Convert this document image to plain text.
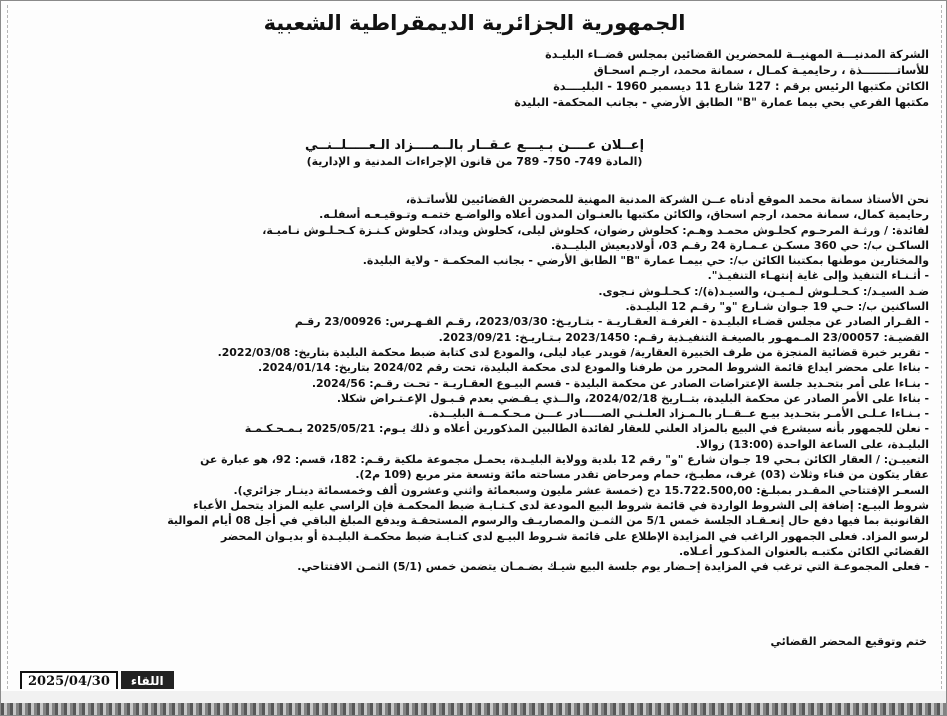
الجمهورية الجزائرية الديمقراطية الشعبية
الشركة المدنيـــة المهنيــة للمحضرين القضائين بمجلس قضــاء البليـدة
للأساتـــــــــذة ، رحايميـة كمـال ، سمانة محمد، ارجـم اسحـاق
الكائن مكتبها الرئيس برقم : 127 شارع 11 ديسمبر 1960 - البليــــدة
مكتبها الفرعي بحي بيما عمارة "B" الطابق الأرضي - بجانب المحكمة- البليدة
إعــلان عــــن بـيـــع عـقــار بالــمــــزاد الـعـــــلــنــي
(المادة 749- 750- 789 من قانون الإجراءات المدنية و الإدارية)

نحن الأستاذ سمانة محمد الموقع أدناه عــن الشركة المدنية المهنية للمحضرين القضائيين للأساتـذة،

رحايمية كمال، سمانة محمد، ارجم اسحاق، والكائن مكتبها بالعنـوان المدون أعلاه والواضـع ختمـه وتـوقيـعـه أسفلـه.

لفائدة: / ورثـة المرحـوم كحلـوش محمـد وهـم: كحلوش رضوان، كحلوش ليلى، كحلوش ويداد، كحلوش كـنـزة كـحـلـوش نـاميـة،

الساكـن ب/: حي 360 مسكـن عـمـارة 24 رقـم 03، أولاديعيش البليــدة.

والمختارين موطنها بمكتبنا الكائن ب/: حي بيمـا عمارة "B" الطابق الأرضي - بجانب المحكمـة - ولاية البليدة.

- أثـنـاء التنفيذ وإلى غاية إنتهـاء التنفيـذ".

ضـد السيـد/: كـحـلـوش لـمـيـن، والسيـد(ة)/: كـحـلـوش نـجوى.

الساكنين ب/: حـي 19 جـوان شـارع "و" رقـم 12 البليـدة.

- القـرار الصادر عن مجلس قضـاء البليـدة - الغرفـة العقـاريـة - بتـاريـخ: 2023/03/30، رقـم الفـهـرس: 23/00926 رقـم

القضيـة: 23/00057 المـمهـور بالصيغـة التنفيـذية رقـم: 2023/1450 بـتـاريـخ: 2023/09/21.

- تقرير خبرة قضائية المنجزة من طرف الخبيرة العقارية/ قويدر عياد ليلى، والمودع لدى كتابة ضبط محكمة البليدة بتاريخ: 2022/03/08.

- بناءا على محضر ايداع قائمة الشروط المحرر من طرفنا والمودع لدى محكمة البليدة، تحت رقم 2024/02 بتاريخ: 2024/01/14.

- بنـاءا على أمر بتحـديد جلسة الإعتراضات الصادر عن محكمة البليدة - قسم البيـوع العقـاريـة - تحـت رقـم: 2024/56.

- بناءا على الأمر الصادر عن محكمة البليدة، بتــاريخ 2024/02/18، والــذي يـقـضي بعدم قـبـول الإعـتـراض شكلا.

- بـنـاءا عـلـى الأمـر بتحـديد بيـع عــقــار بالـمـزاد العلـنـي الصـــــادر عـــن مـحـكـمــة البليــدة.

- نعلن للجمهور بأنه سيشرع في البيع بالمزاد العلني للعقار لفائدة الطالبين المذكورين أعلاه و ذلك يـوم: 2025/05/21 بـمـحـكـمـة

البليـدة، على الساعة الواحدة (13:00) زوالا.

التعييـن: / العقار الكائن بـحي 19 جـوان شارع "و" رقم 12 بلدية وولاية البليـدة، يحمـل مجموعة ملكية رقـم: 182، قسم: 92، هو عبارة عن

عقار يتكون من فناء وثلاث (03) غرف، مطبـخ، حمام ومرحاض تقدر مساحته مائة وتسعة متر مربع (109 م2).

السعـر الإفتتاحي المقـدر بمبلـغ: 15.722.500,00 دج (خمسة عشر مليون وسبعمائة واثني وعشرون ألف وخمسمائة دينـار جزائري).

شروط البيـع: إضافة إلى الشروط الواردة في قائمة شروط البيع المودعة لدى كـتـابـة ضبط المحكمـة فإن الراسي عليه المزاد يتحمل الأعباء

القانونية بما فيها دفع حال إنعـقـاد الجلسة خمس 5/1 من الثمـن والمصاريـف والرسوم المستحقـة ويدفع المبلغ الباقي في أجل 08 أيام الموالية

لرسو المزاد. فعلى الجمهور الراغب في المزايدة الإطلاع على قائمة شـروط البيـع لدى كتـابـة ضبط محكمـة البليـدة أو بديـوان المحضر

القضائي الكائن مكتبـه بالعنوان المذكـور أعـلاه.

- فعلى المجموعـة التي ترغب في المزايدة إحـضار يوم جلسة البيع شيـك بضـمـان يتضمن خمس (5/1) الثمـن الافتتاحي.

ختم وتوقيع المحضر القضائي
2025/04/30	اللقاء
